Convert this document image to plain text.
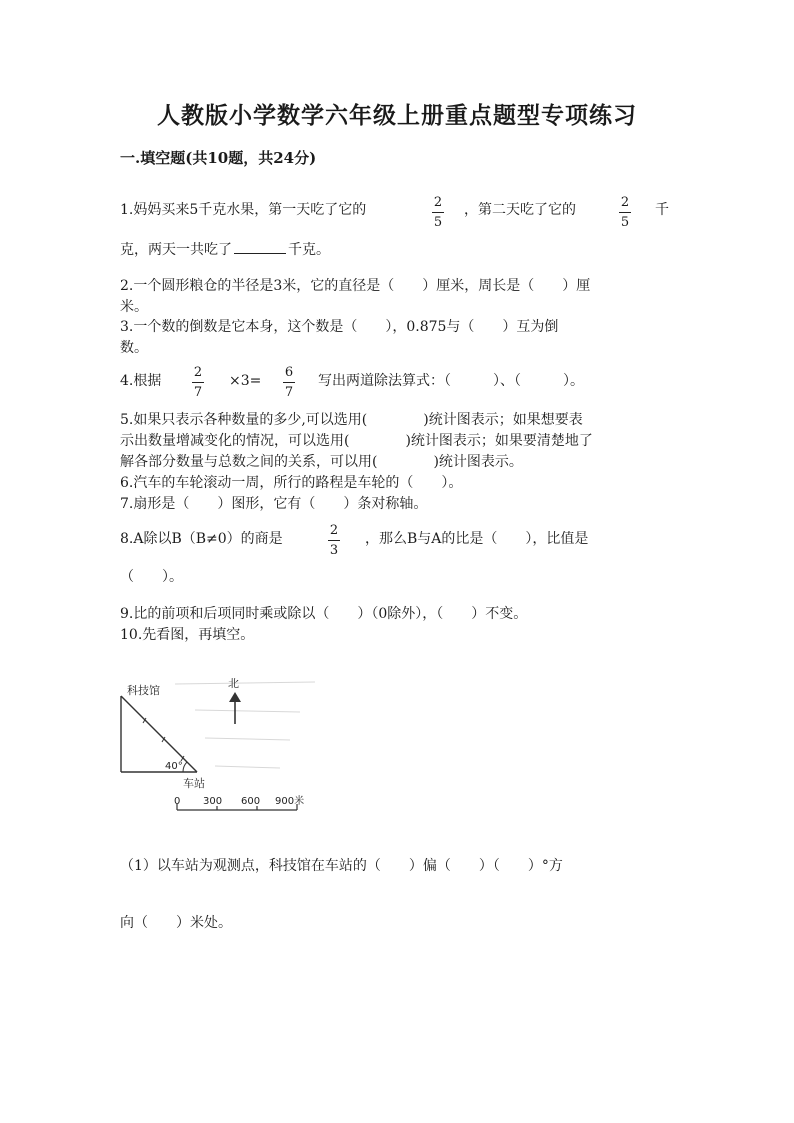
人教版小学数学六年级上册重点题型专项练习
一.填空题(共10题，共24分)
1.妈妈买来5千克水果，第一天吃了它的	2
5
，第二天吃了它的	2
5
千
克，两天一共吃了	千克。
2.一个圆形粮仓的半径是3米，它的直径是（　　）厘米，周长是（　　）厘
米。
3.一个数的倒数是它本身，这个数是（　　），0.875与（　　）互为倒
数。
4.根据
2
7
×3=
6
7
写出两道除法算式：（　　　）、（　　　）。
5.如果只表示各种数量的多少,可以选用(　　　　)统计图表示；如果想要表
示出数量增减变化的情况，可以选用(　　　　)统计图表示；如果要清楚地了
解各部分数量与总数之间的关系，可以用(　　　　)统计图表示。
6.汽车的车轮滚动一周，所行的路程是车轮的（　　）。
7.扇形是（　　）图形，它有（　　）条对称轴。
8.A除以B（B≠0）的商是
2
3
，那么B与A的比是（　　），比值是
（　　）。
9.比的前项和后项同时乘或除以（　　）（0除外），（　　）不变。
10.先看图，再填空。
科技馆
北
40°
车站
0 300 600 900米
（1）以车站为观测点，科技馆在车站的（　　）偏（　　）（　　）°方
向（　　）米处。
